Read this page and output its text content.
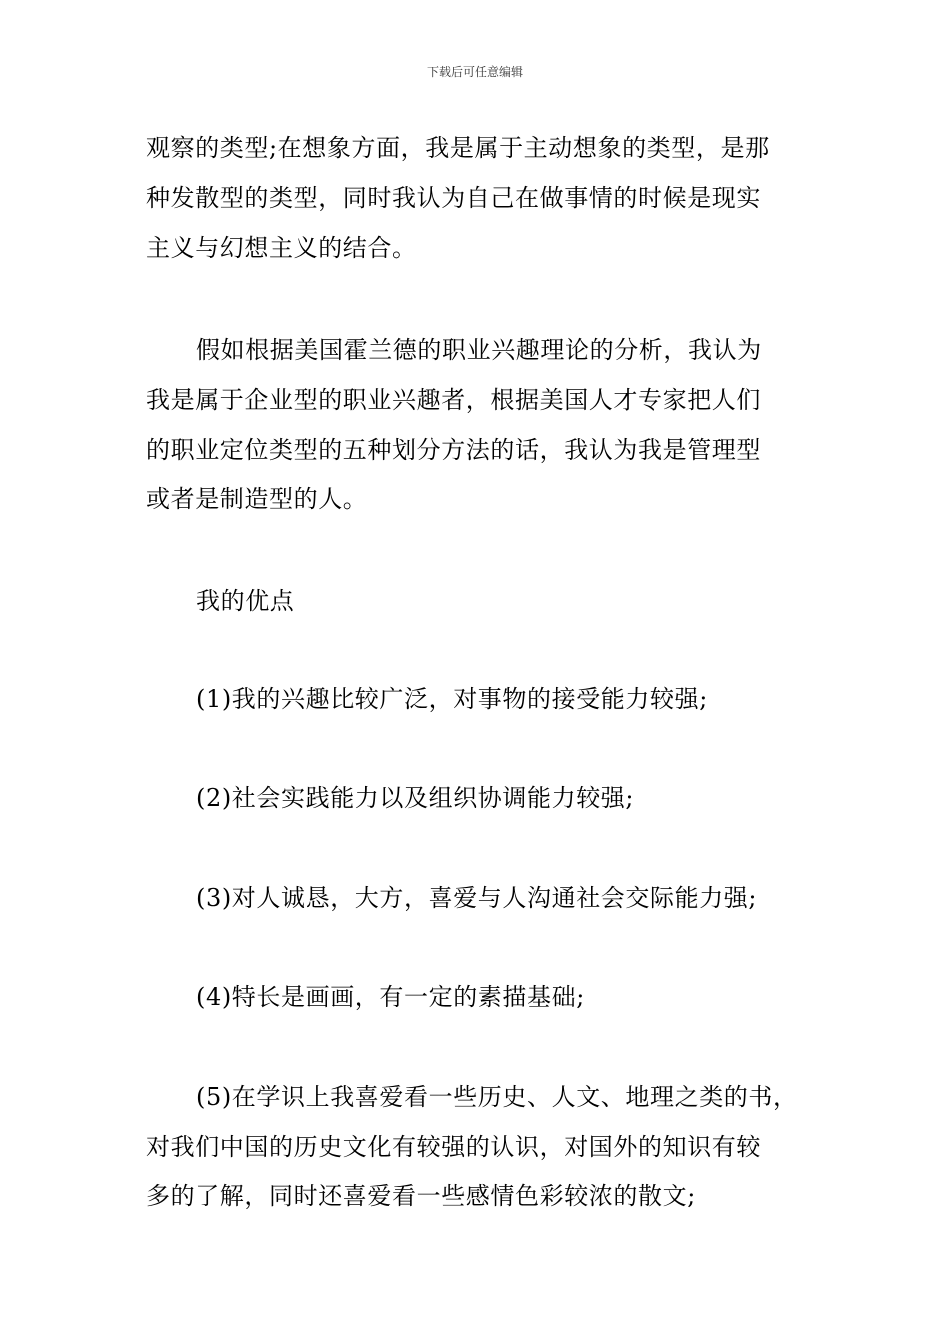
下载后可任意编辑
观察的类型;在想象方面，我是属于主动想象的类型，是那
种发散型的类型，同时我认为自己在做事情的时候是现实
主义与幻想主义的结合。
假如根据美国霍兰德的职业兴趣理论的分析，我认为
我是属于企业型的职业兴趣者，根据美国人才专家把人们
的职业定位类型的五种划分方法的话，我认为我是管理型
或者是制造型的人。
我的优点
(1)我的兴趣比较广泛，对事物的接受能力较强;
(2)社会实践能力以及组织协调能力较强;
(3)对人诚恳，大方，喜爱与人沟通社会交际能力强;
(4)特长是画画，有一定的素描基础;
(5)在学识上我喜爱看一些历史、人文、地理之类的书，
对我们中国的历史文化有较强的认识，对国外的知识有较
多的了解，同时还喜爱看一些感情色彩较浓的散文;
